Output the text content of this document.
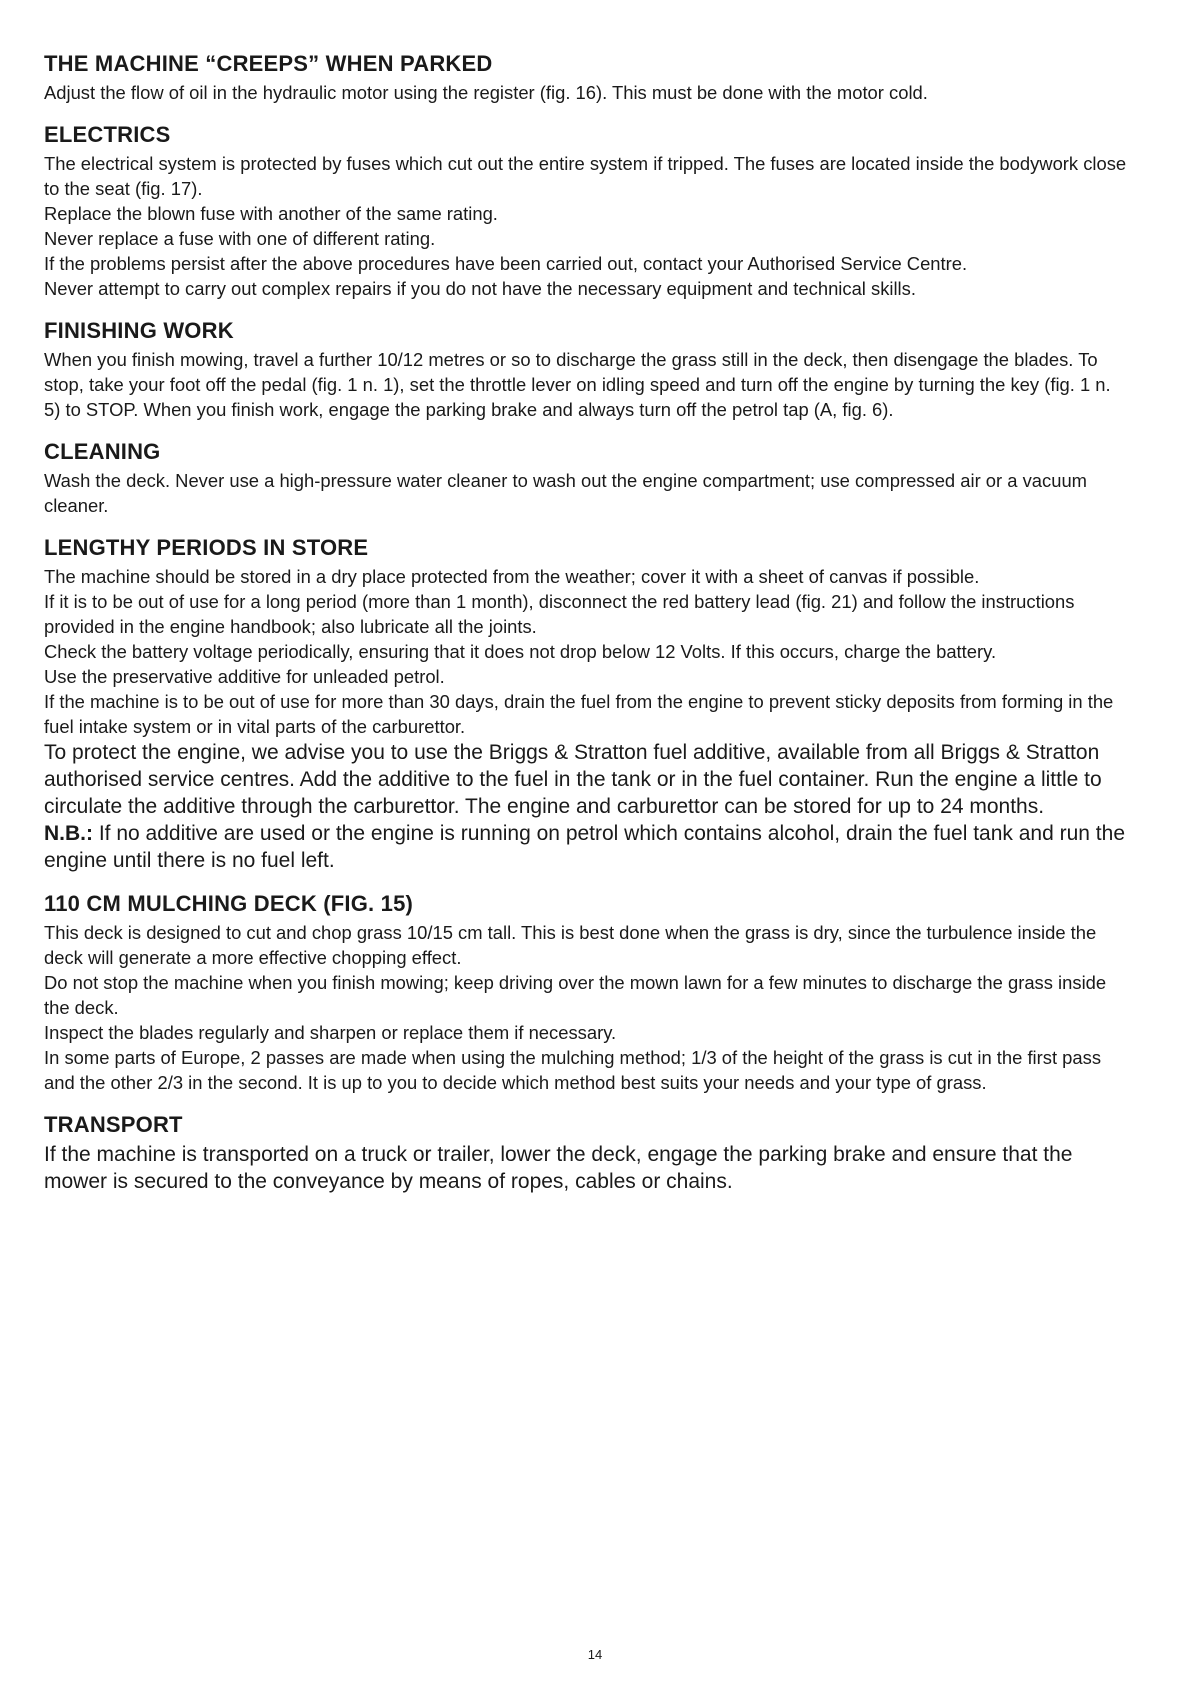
THE MACHINE “CREEPS” WHEN PARKED

Adjust the flow of oil in the hydraulic motor using the register (fig. 16). This must be done with the motor cold.

ELECTRICS

The electrical system is protected by fuses which cut out the entire system if tripped. The fuses are located inside the bodywork close to the seat (fig. 17).

Replace the blown fuse with another of the same rating.

Never replace a fuse with one of different rating.

If the problems persist after the above procedures have been carried out, contact your Authorised Service Centre.

Never attempt to carry out complex repairs if you do not have the necessary equipment and technical skills.

FINISHING WORK

When you finish mowing, travel a further 10/12 metres or so to discharge the grass still in the deck, then disengage the blades. To stop, take your foot off the pedal (fig. 1 n. 1), set the throttle lever on idling speed and turn off the engine by turning the key (fig. 1 n. 5) to STOP. When you finish work, engage the parking brake and always turn off the petrol tap (A, fig. 6).

CLEANING

Wash the deck. Never use a high-pressure water cleaner to wash out the engine compartment; use compressed air or a vacuum cleaner.

LENGTHY PERIODS IN STORE

The machine should be stored in a dry place protected from the weather; cover it with a sheet of canvas if possible.

If it is to be out of use for a long period (more than 1 month), disconnect the red battery lead (fig. 21) and follow the instructions provided in the engine handbook; also lubricate all the joints.

Check the battery voltage periodically, ensuring that it does not drop below 12 Volts. If this occurs, charge the battery.

Use the preservative additive for unleaded petrol.

If the machine is to be out of use for more than 30 days, drain the fuel from the engine to prevent sticky deposits from forming in the fuel intake system or in vital parts of the carburettor.

To protect the engine, we advise you to use the Briggs & Stratton fuel additive, available from all Briggs & Stratton authorised service centres. Add the additive to the fuel in the tank or in the fuel container. Run the engine a little to circulate the additive through the carburettor. The engine and carburettor can be stored for up to 24 months.

N.B.: If no additive are used or the engine is running on petrol which contains alcohol, drain the fuel tank and run the engine until there is no fuel left.

110 CM MULCHING DECK (FIG. 15)

This deck is designed to cut and chop grass 10/15 cm tall. This is best done when the grass is dry, since the turbulence inside the deck will generate a more effective chopping effect.

Do not stop the machine when you finish mowing; keep driving over the mown lawn for a few minutes to discharge the grass inside the deck.

Inspect the blades regularly and sharpen or replace them if necessary.

In some parts of Europe, 2 passes are made when using the mulching method; 1/3 of the height of the grass is cut in the first pass and the other 2/3 in the second. It is up to you to decide which method best suits your needs and your type of grass.

TRANSPORT

If the machine is transported on a truck or trailer, lower the deck, engage the parking brake and ensure that the mower is secured to the conveyance by means of ropes, cables or chains.

14
